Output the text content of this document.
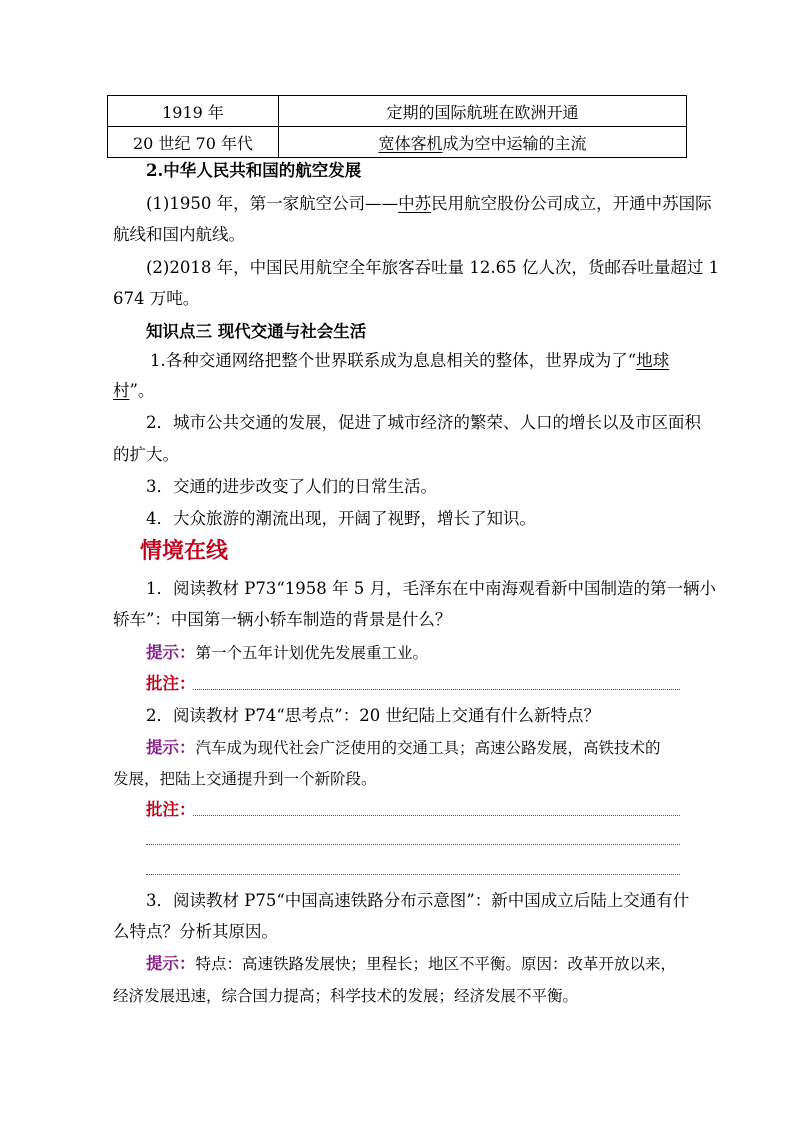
1919 年	定期的国际航班在欧洲开通
20 世纪 70 年代	宽体客机成为空中运输的主流
2.中华人民共和国的航空发展
(1)1950 年，第一家航空公司——中苏民用航空股份公司成立，开通中苏国际
航线和国内航线。
(2)2018 年，中国民用航空全年旅客吞吐量 12.65 亿人次，货邮吞吐量超过 1
674 万吨。
知识点三 现代交通与社会生活
1.各种交通网络把整个世界联系成为息息相关的整体，世界成为了“地球
村”。
2．城市公共交通的发展，促进了城市经济的繁荣、人口的增长以及市区面积
的扩大。
3．交通的进步改变了人们的日常生活。
4．大众旅游的潮流出现，开阔了视野，增长了知识。
情境在线
1．阅读教材 P73“1958 年 5 月，毛泽东在中南海观看新中国制造的第一辆小
轿车”：中国第一辆小轿车制造的背景是什么？
提示：第一个五年计划优先发展重工业。
批注：
2．阅读教材 P74“思考点”：20 世纪陆上交通有什么新特点？
提示：汽车成为现代社会广泛使用的交通工具；高速公路发展，高铁技术的
发展，把陆上交通提升到一个新阶段。
批注：
3．阅读教材 P75“中国高速铁路分布示意图”：新中国成立后陆上交通有什
么特点？分析其原因。
提示：特点：高速铁路发展快；里程长；地区不平衡。原因：改革开放以来，
经济发展迅速，综合国力提高；科学技术的发展；经济发展不平衡。
